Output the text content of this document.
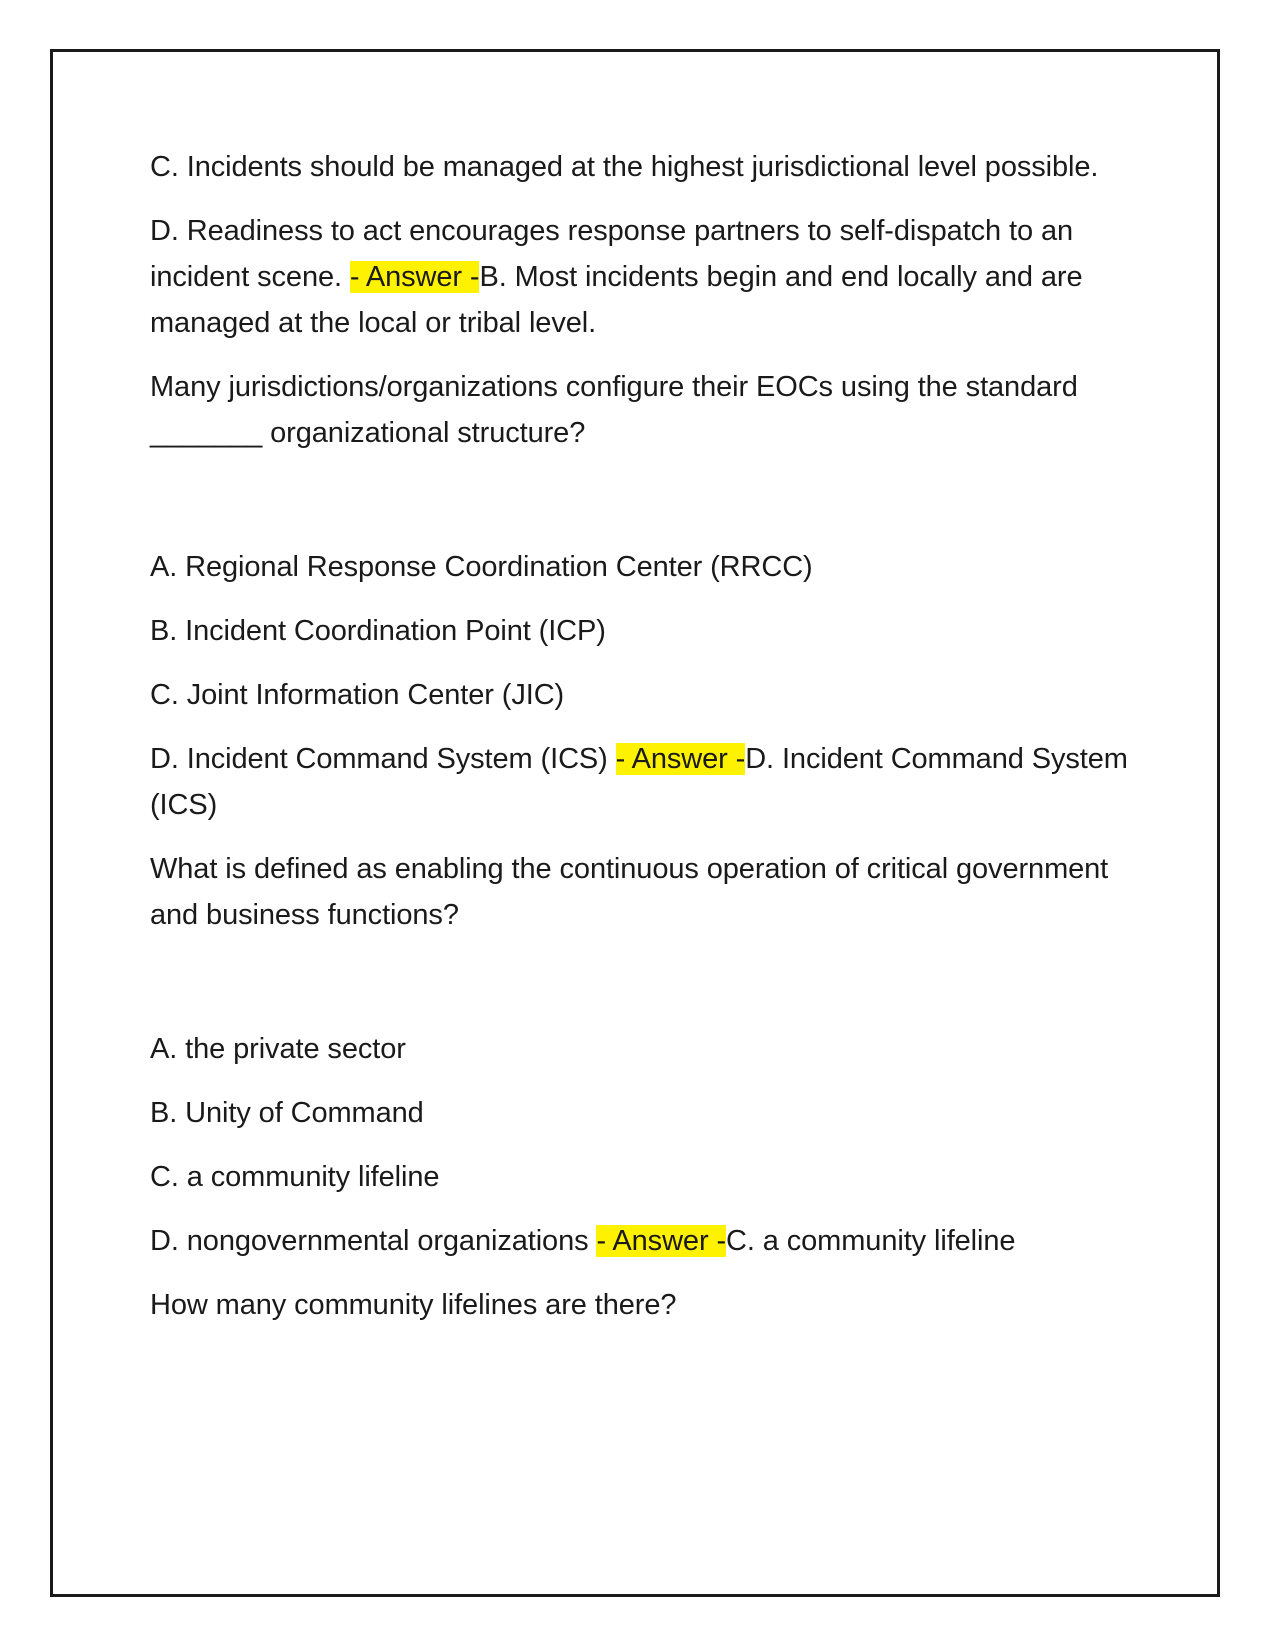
C. Incidents should be managed at the highest jurisdictional level possible.

D. Readiness to act encourages response partners to self-dispatch to an incident scene. - Answer -B. Most incidents begin and end locally and are managed at the local or tribal level.

Many jurisdictions/organizations configure their EOCs using the standard _______ organizational structure?

A. Regional Response Coordination Center (RRCC)

B. Incident Coordination Point (ICP)

C. Joint Information Center (JIC)

D. Incident Command System (ICS) - Answer -D. Incident Command System (ICS)

What is defined as enabling the continuous operation of critical government and business functions?

A. the private sector

B. Unity of Command

C. a community lifeline

D. nongovernmental organizations - Answer -C. a community lifeline

How many community lifelines are there?
